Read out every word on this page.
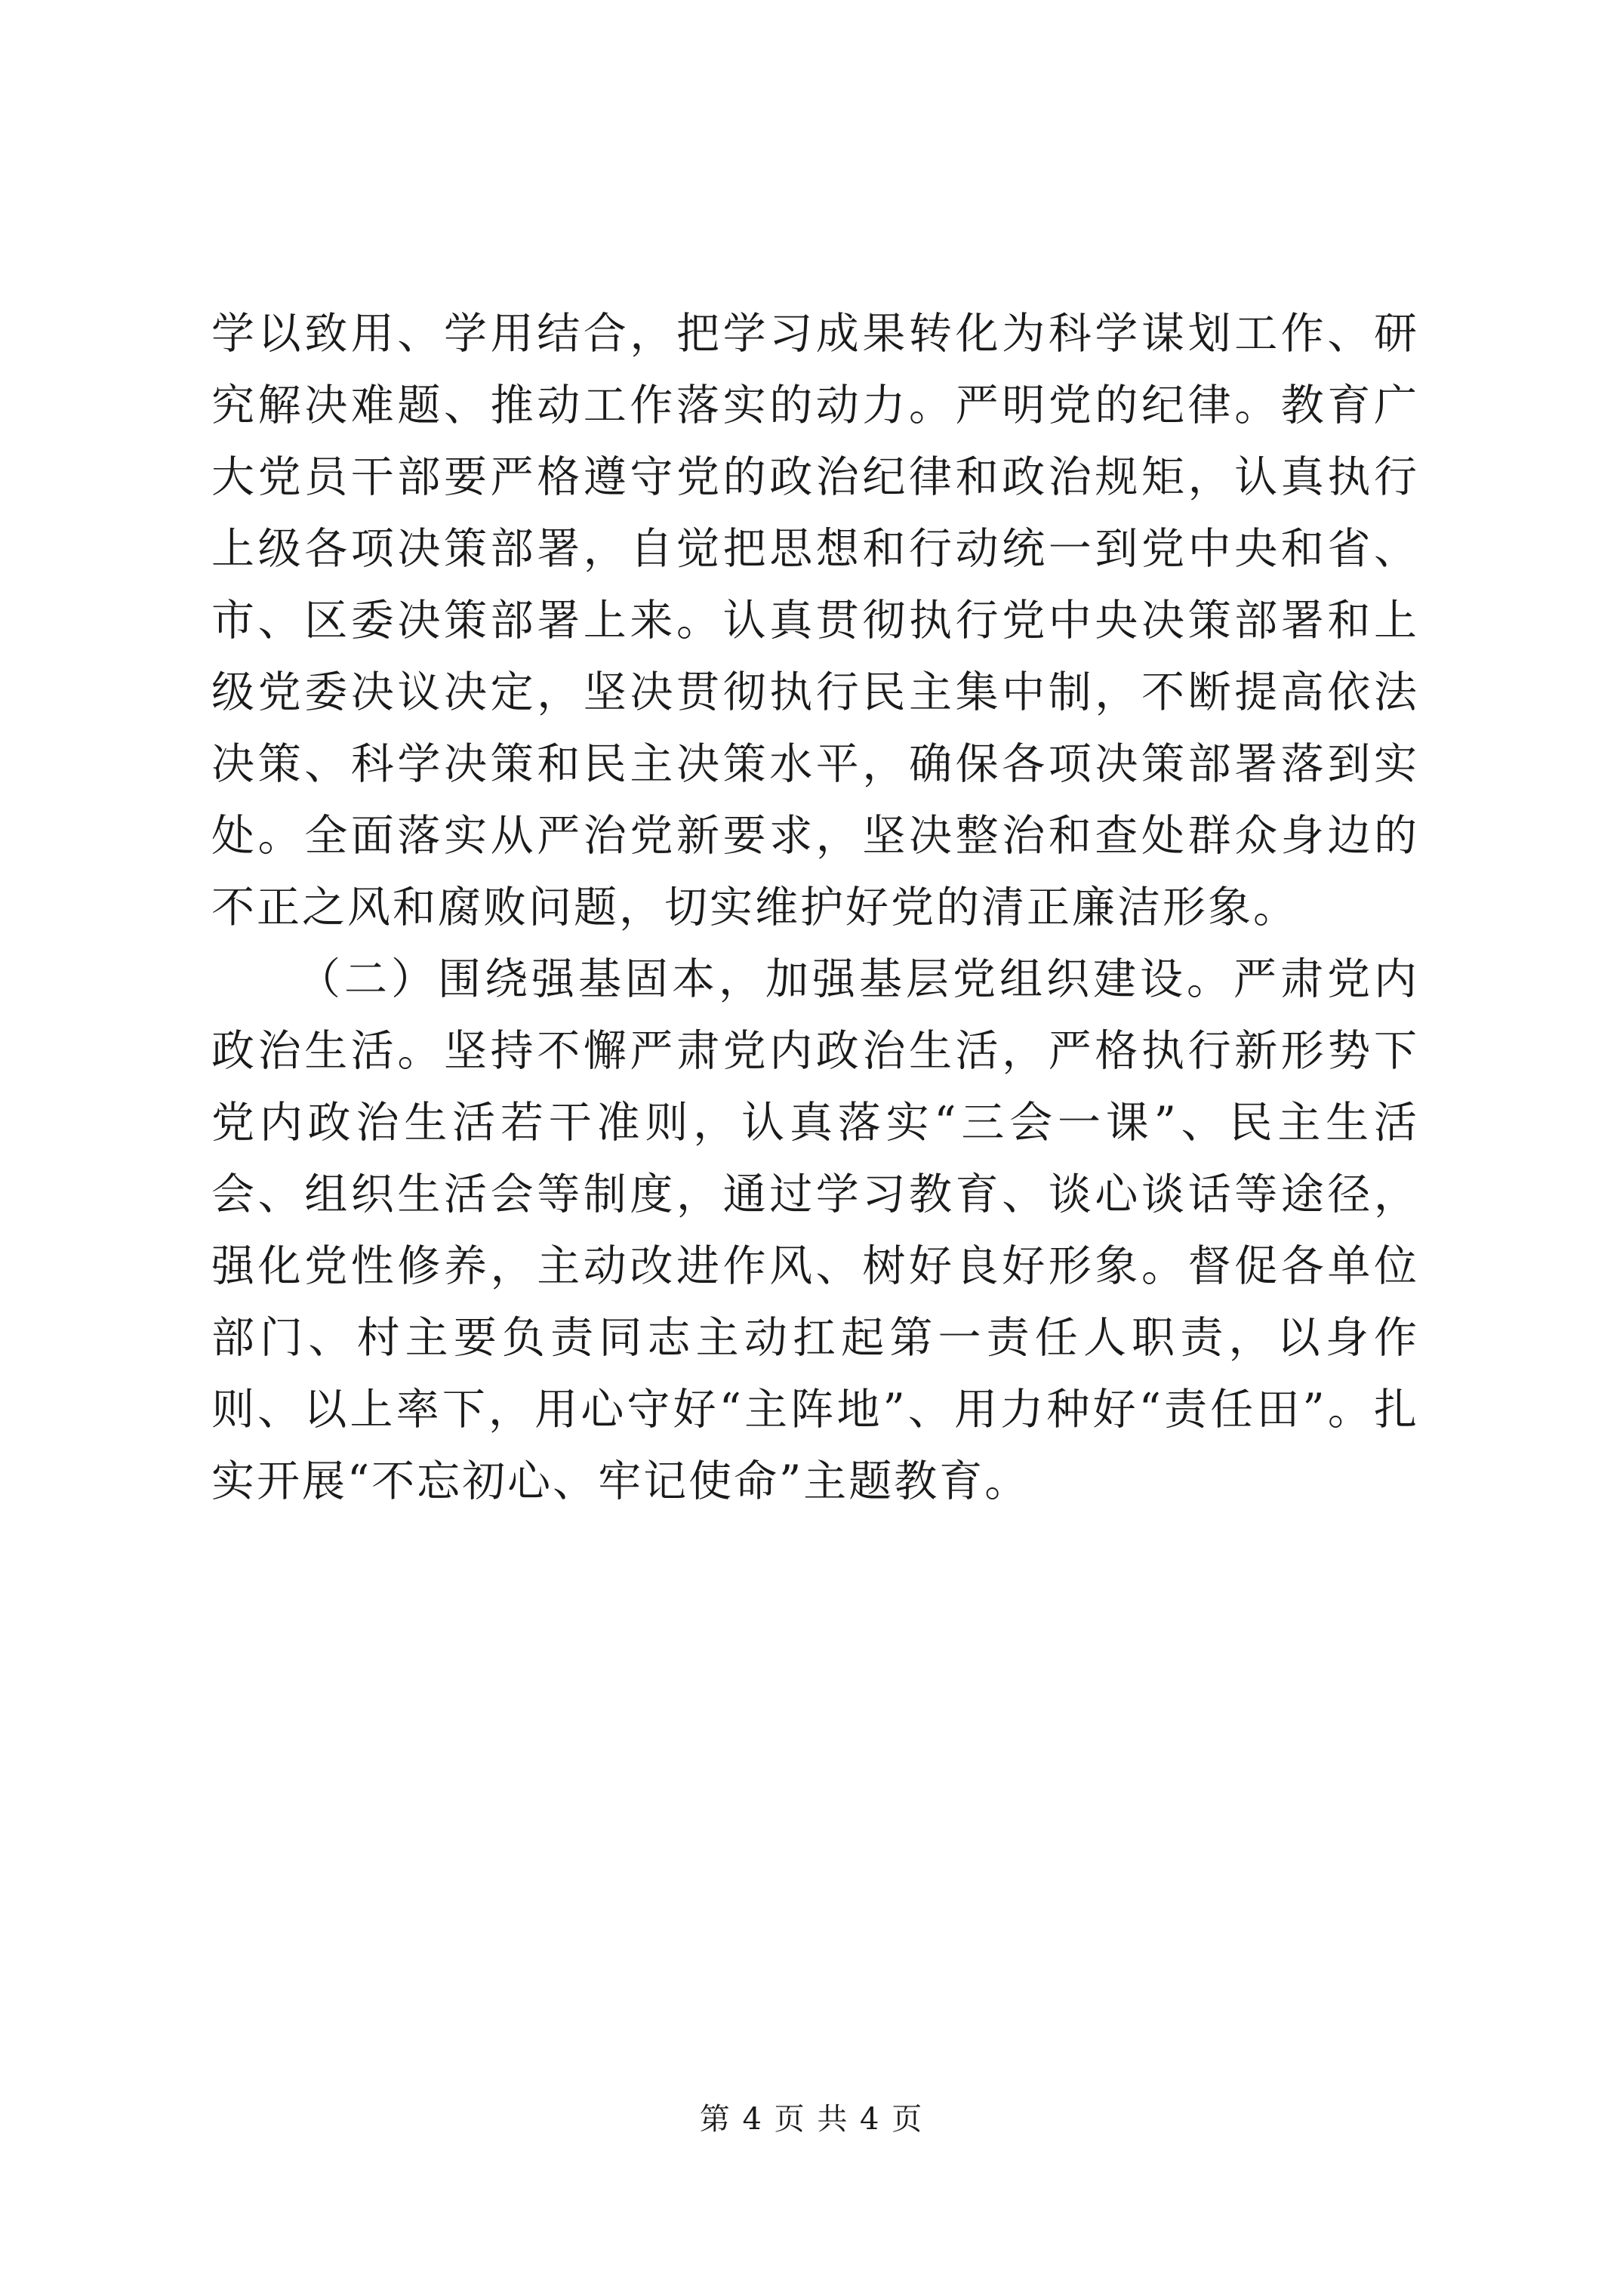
学以致用、学用结合，把学习成果转化为科学谋划工作、研究解决难题、推动工作落实的动力。严明党的纪律。教育广大党员干部要严格遵守党的政治纪律和政治规矩，认真执行上级各项决策部署，自觉把思想和行动统一到党中央和省、市、区委决策部署上来。认真贯彻执行党中央决策部署和上级党委决议决定，坚决贯彻执行民主集中制，不断提高依法决策、科学决策和民主决策水平，确保各项决策部署落到实处。全面落实从严治党新要求，坚决整治和查处群众身边的不正之风和腐败问题，切实维护好党的清正廉洁形象。

（二）围绕强基固本，加强基层党组织建设。严肃党内政治生活。坚持不懈严肃党内政治生活，严格执行新形势下党内政治生活若干准则，认真落实“三会一课”、民主生活会、组织生活会等制度，通过学习教育、谈心谈话等途径，强化党性修养，主动改进作风、树好良好形象。督促各单位部门、村主要负责同志主动扛起第一责任人职责，以身作则、以上率下，用心守好“主阵地”、用力种好“责任田”。扎实开展“不忘初心、牢记使命”主题教育。

第 4 页 共 4 页
